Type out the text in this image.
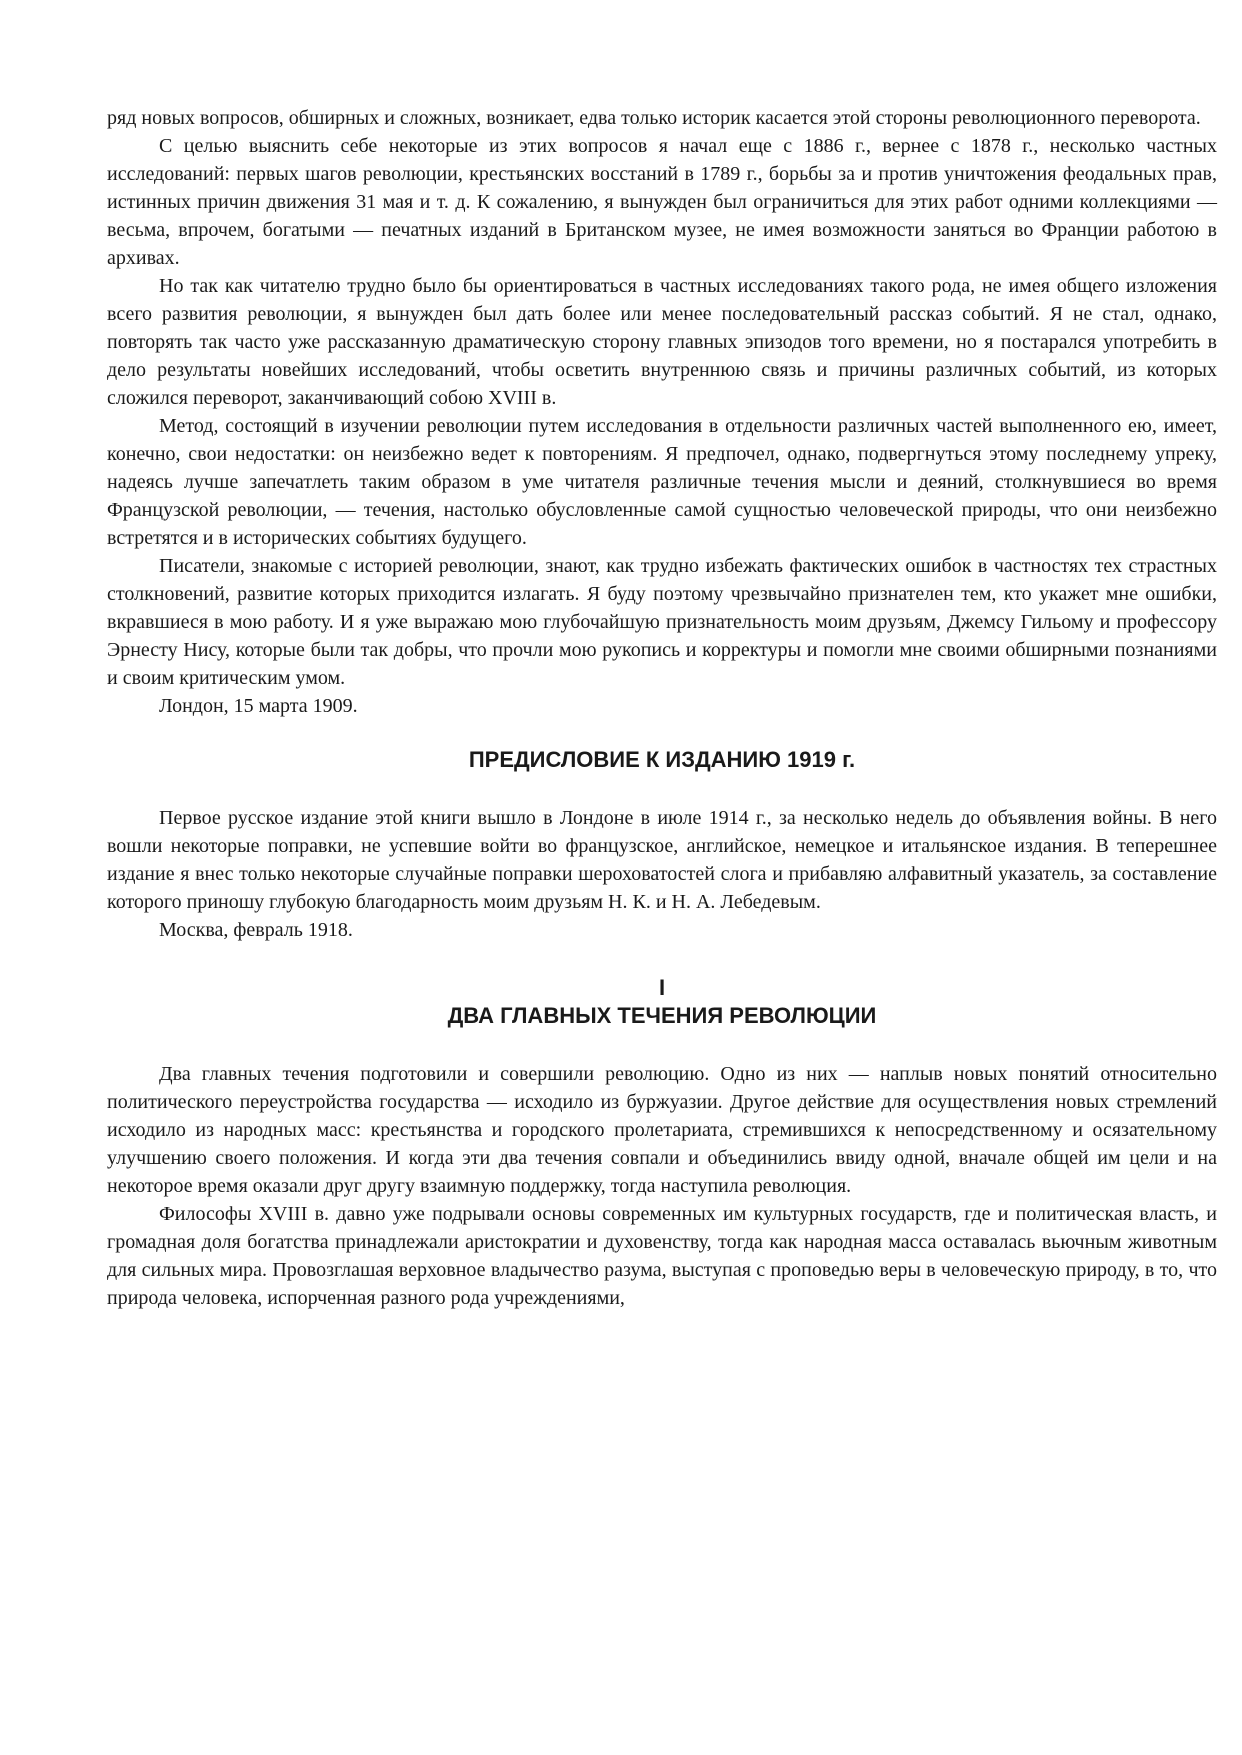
ряд новых вопросов, обширных и сложных, возникает, едва только историк касается этой стороны революционного переворота.

С целью выяснить себе некоторые из этих вопросов я начал еще с 1886 г., вернее с 1878 г., несколько частных исследований: первых шагов революции, крестьянских восстаний в 1789 г., борьбы за и против уничтожения феодальных прав, истинных причин движения 31 мая и т. д. К сожалению, я вынужден был ограничиться для этих работ одними коллекциями — весьма, впрочем, богатыми — печатных изданий в Британском музее, не имея возможности заняться во Франции работою в архивах.

Но так как читателю трудно было бы ориентироваться в частных исследованиях такого рода, не имея общего изложения всего развития революции, я вынужден был дать более или менее последовательный рассказ событий. Я не стал, однако, повторять так часто уже рассказанную драматическую сторону главных эпизодов того времени, но я постарался употребить в дело результаты новейших исследований, чтобы осветить внутреннюю связь и причины различных событий, из которых сложился переворот, заканчивающий собою XVIII в.

Метод, состоящий в изучении революции путем исследования в отдельности различных частей выполненного ею, имеет, конечно, свои недостатки: он неизбежно ведет к повторениям. Я предпочел, однако, подвергнуться этому последнему упреку, надеясь лучше запечатлеть таким образом в уме читателя различные течения мысли и деяний, столкнувшиеся во время Французской революции, — течения, настолько обусловленные самой сущностью человеческой природы, что они неизбежно встретятся и в исторических событиях будущего.

Писатели, знакомые с историей революции, знают, как трудно избежать фактических ошибок в частностях тех страстных столкновений, развитие которых приходится излагать. Я буду поэтому чрезвычайно признателен тем, кто укажет мне ошибки, вкравшиеся в мою работу. И я уже выражаю мою глубочайшую признательность моим друзьям, Джемсу Гильому и профессору Эрнесту Нису, которые были так добры, что прочли мою рукопись и корректуры и помогли мне своими обширными познаниями и своим критическим умом.

Лондон, 15 марта 1909.

ПРЕДИСЛОВИЕ К ИЗДАНИЮ 1919 г.

Первое русское издание этой книги вышло в Лондоне в июле 1914 г., за несколько недель до объявления войны. В него вошли некоторые поправки, не успевшие войти во французское, английское, немецкое и итальянское издания. В теперешнее издание я внес только некоторые случайные поправки шероховатостей слога и прибавляю алфавитный указатель, за составление которого приношу глубокую благодарность моим друзьям Н. К. и Н. А. Лебедевым.

Москва, февраль 1918.

I
ДВА ГЛАВНЫХ ТЕЧЕНИЯ РЕВОЛЮЦИИ

Два главных течения подготовили и совершили революцию. Одно из них — наплыв новых понятий относительно политического переустройства государства — исходило из буржуазии. Другое действие для осуществления новых стремлений исходило из народных масс: крестьянства и городского пролетариата, стремившихся к непосредственному и осязательному улучшению своего положения. И когда эти два течения совпали и объединились ввиду одной, вначале общей им цели и на некоторое время оказали друг другу взаимную поддержку, тогда наступила революция.

Философы XVIII в. давно уже подрывали основы современных им культурных государств, где и политическая власть, и громадная доля богатства принадлежали аристократии и духовенству, тогда как народная масса оставалась вьючным животным для сильных мира. Провозглашая верховное владычество разума, выступая с проповедью веры в человеческую природу, в то, что природа человека, испорченная разного рода учреждениями,
